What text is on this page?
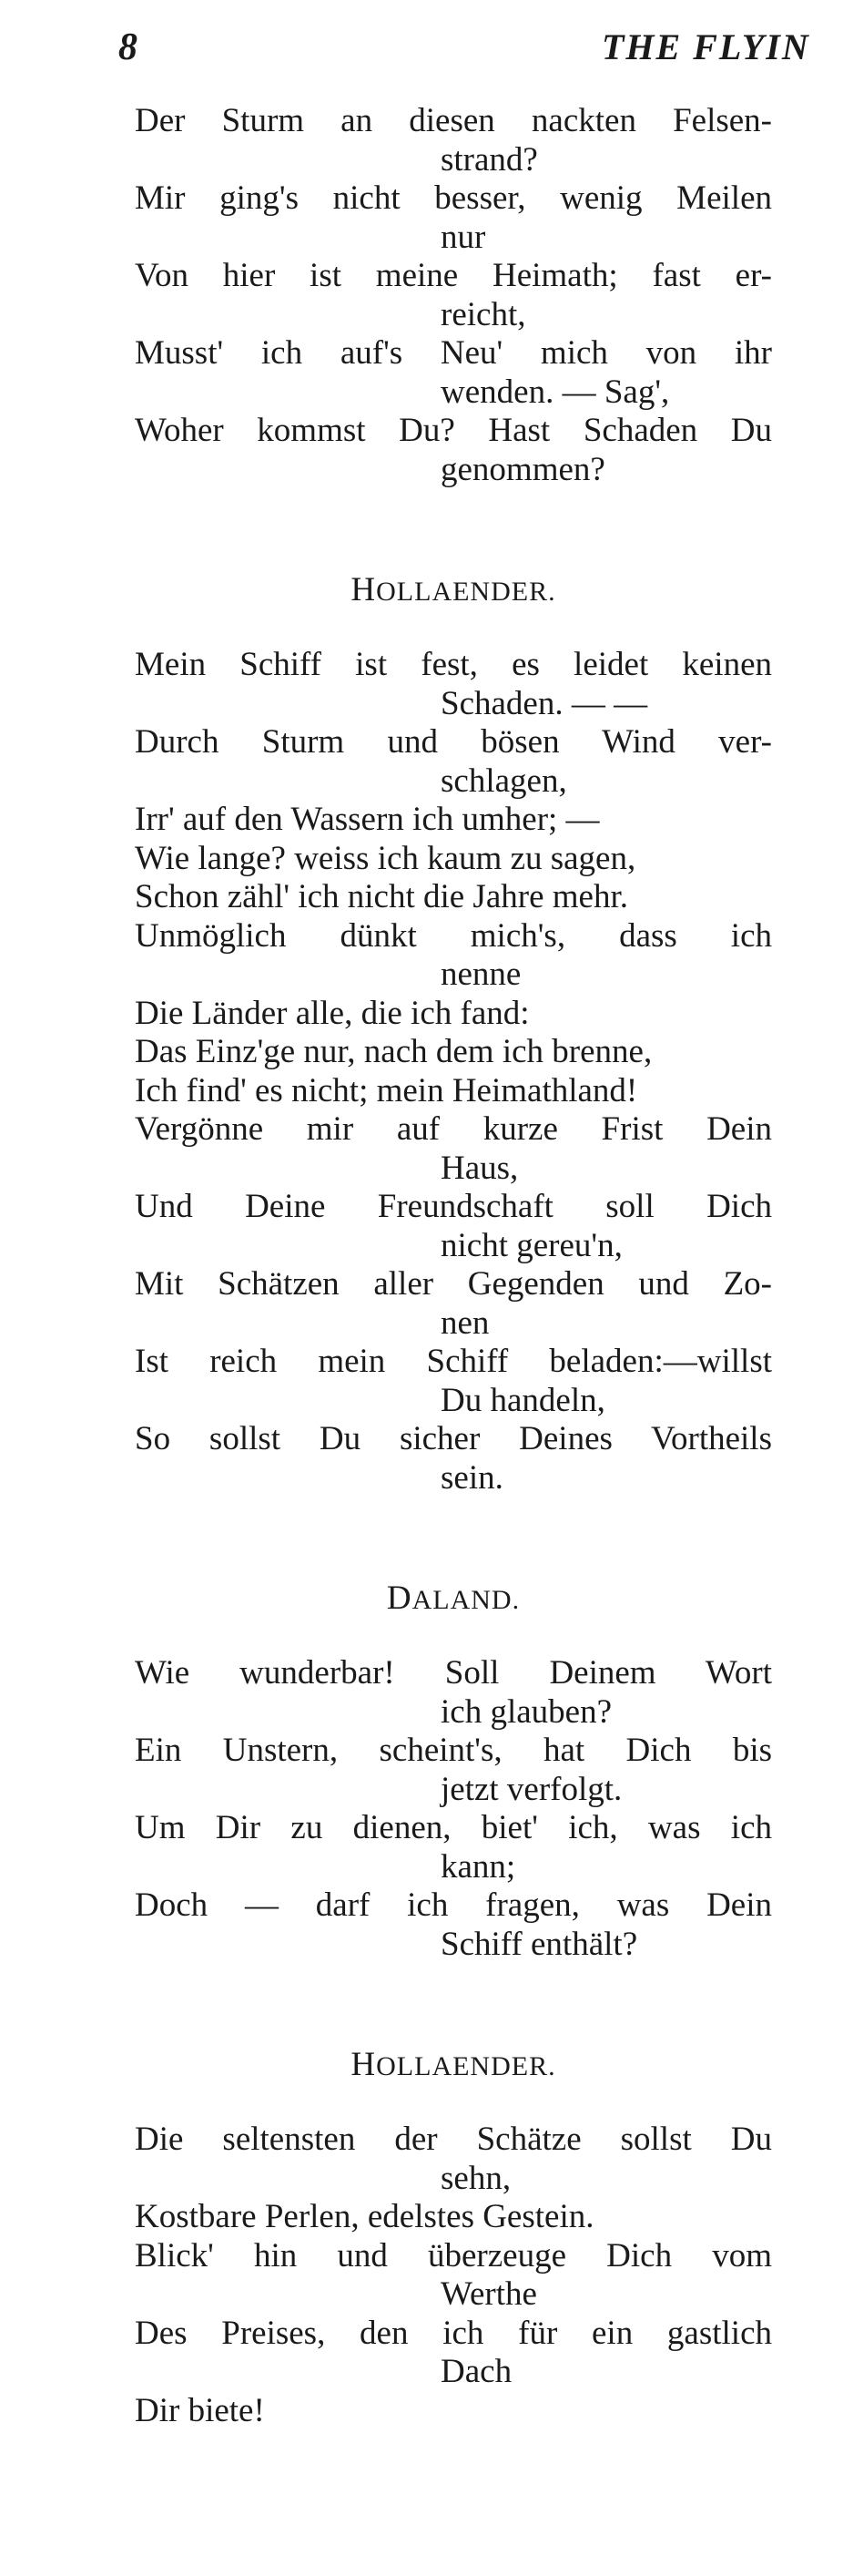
8	THE FLYIN
Der Sturm an diesen nackten Felsen-
strand?
Mir ging's nicht besser, wenig Meilen
nur
Von hier ist meine Heimath; fast er-
reicht,
Musst' ich auf's Neu' mich von ihr
wenden. — Sag',
Woher kommst Du? Hast Schaden Du
genommen?
HOLLAENDER.
Mein Schiff ist fest, es leidet keinen
Schaden. — —
Durch Sturm und bösen Wind ver-
schlagen,
Irr' auf den Wassern ich umher; —
Wie lange? weiss ich kaum zu sagen,
Schon zähl' ich nicht die Jahre mehr.
Unmöglich dünkt mich's, dass ich
nenne
Die Länder alle, die ich fand:
Das Einz'ge nur, nach dem ich brenne,
Ich find' es nicht; mein Heimathland!
Vergönne mir auf kurze Frist Dein
Haus,
Und Deine Freundschaft soll Dich
nicht gereu'n,
Mit Schätzen aller Gegenden und Zo-
nen
Ist reich mein Schiff beladen:—willst
Du handeln,
So sollst Du sicher Deines Vortheils
sein.
DALAND.
Wie wunderbar! Soll Deinem Wort
ich glauben?
Ein Unstern, scheint's, hat Dich bis
jetzt verfolgt.
Um Dir zu dienen, biet' ich, was ich
kann;
Doch — darf ich fragen, was Dein
Schiff enthält?
HOLLAENDER.
Die seltensten der Schätze sollst Du
sehn,
Kostbare Perlen, edelstes Gestein.
Blick' hin und überzeuge Dich vom
Werthe
Des Preises, den ich für ein gastlich
Dach
Dir biete!
